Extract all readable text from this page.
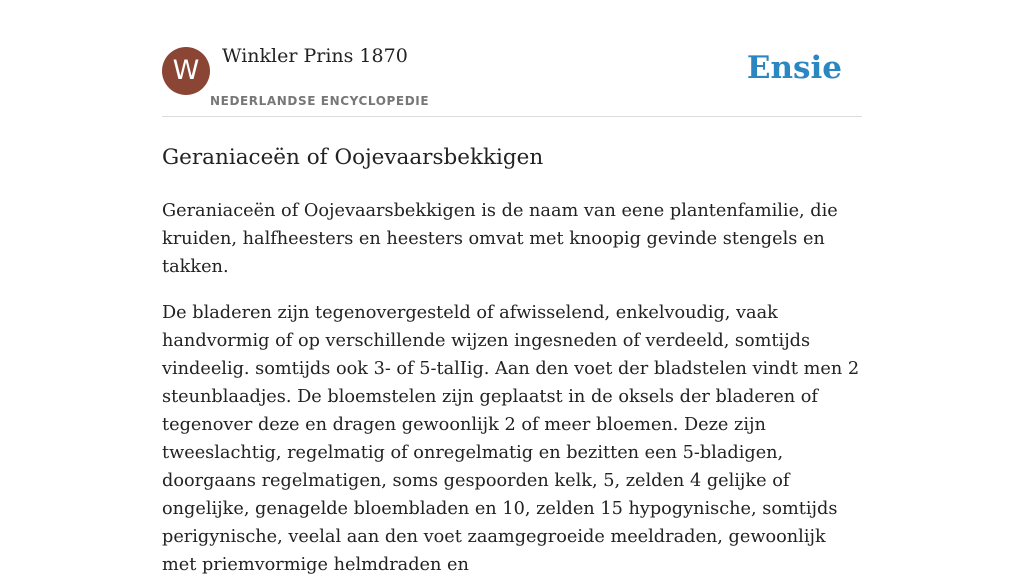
W	Winkler Prins 1870
NEDERLANDSE ENCYCLOPEDIE
Ensie
Geraniaceën of Oojevaarsbekkigen

Geraniaceën of Oojevaarsbekkigen is de naam van eene plantenfamilie, die kruiden, halfheesters en heesters omvat met knoopig gevinde stengels en takken.

De bladeren zijn tegenovergesteld of afwisselend, enkelvoudig, vaak handvormig of op verschillende wijzen ingesneden of verdeeld, somtijds vindeelig. somtijds ook 3- of 5-talIig. Aan den voet der bladstelen vindt men 2 steunblaadjes. De bloemstelen zijn geplaatst in de oksels der bladeren of tegenover deze en dragen gewoonlijk 2 of meer bloemen. Deze zijn tweeslachtig, regelmatig of onregelmatig en bezitten een 5-bladigen, doorgaans regelmatigen, soms gespoorden kelk, 5, zelden 4 gelijke of ongelijke, genagelde bloembladen en 10, zelden 15 hypogynische, somtijds perigynische, veelal aan den voet zaamgegroeide meeldraden, gewoonlijk met priemvormige helmdraden en
